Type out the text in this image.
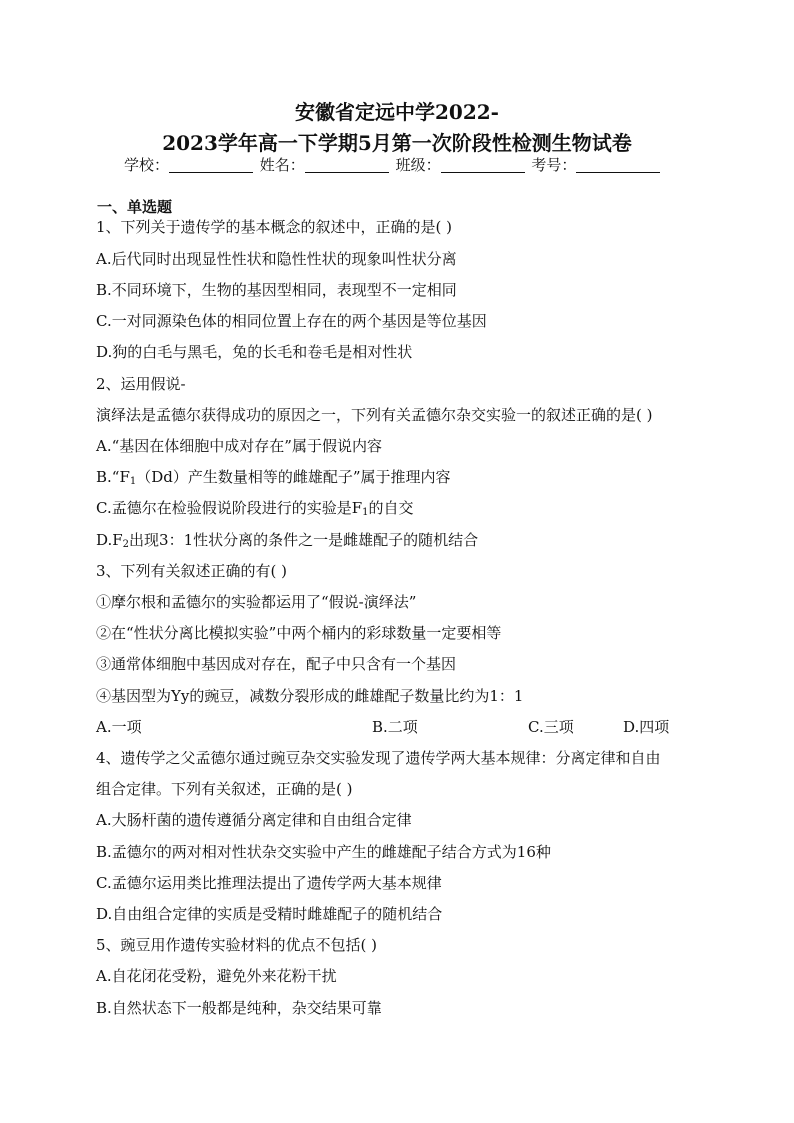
安徽省定远中学2022-
2023学年高一下学期5月第一次阶段性检测生物试卷
学校：	姓名：	班级：	考号：
一、单选题
1、下列关于遗传学的基本概念的叙述中，正确的是( )
A.后代同时出现显性性状和隐性性状的现象叫性状分离
B.不同环境下，生物的基因型相同，表现型不一定相同
C.一对同源染色体的相同位置上存在的两个基因是等位基因
D.狗的白毛与黑毛，兔的长毛和卷毛是相对性状
2、运用假说-
演绎法是孟德尔获得成功的原因之一，下列有关孟德尔杂交实验一的叙述正确的是( )
A.“基因在体细胞中成对存在”属于假说内容
$B.“F_1(Dd)$产生数量相等的雌雄配子”属于推理内容
C.孟德尔在检验假说阶段进行的实验是$F_1$的自交
$D.F_2$出现3：1性状分离的条件之一是雌雄配子的随机结合
3、下列有关叙述正确的有( )
①摩尔根和孟德尔的实验都运用了“假说-演绎法”
②在“性状分离比模拟实验”中两个桶内的彩球数量一定要相等
③通常体细胞中基因成对存在，配子中只含有一个基因
④基因型为Yy的豌豆，减数分裂形成的雌雄配子数量比约为1：1
A.一项	B.二项	C.三项	D.四项
4、遗传学之父孟德尔通过豌豆杂交实验发现了遗传学两大基本规律：分离定律和自由
组合定律。下列有关叙述，正确的是( )
A.大肠杆菌的遗传遵循分离定律和自由组合定律
B.孟德尔的两对相对性状杂交实验中产生的雌雄配子结合方式为16种
C.孟德尔运用类比推理法提出了遗传学两大基本规律
D.自由组合定律的实质是受精时雌雄配子的随机结合
5、豌豆用作遗传实验材料的优点不包括( )
A.自花闭花受粉，避免外来花粉干扰
B.自然状态下一般都是纯种，杂交结果可靠
